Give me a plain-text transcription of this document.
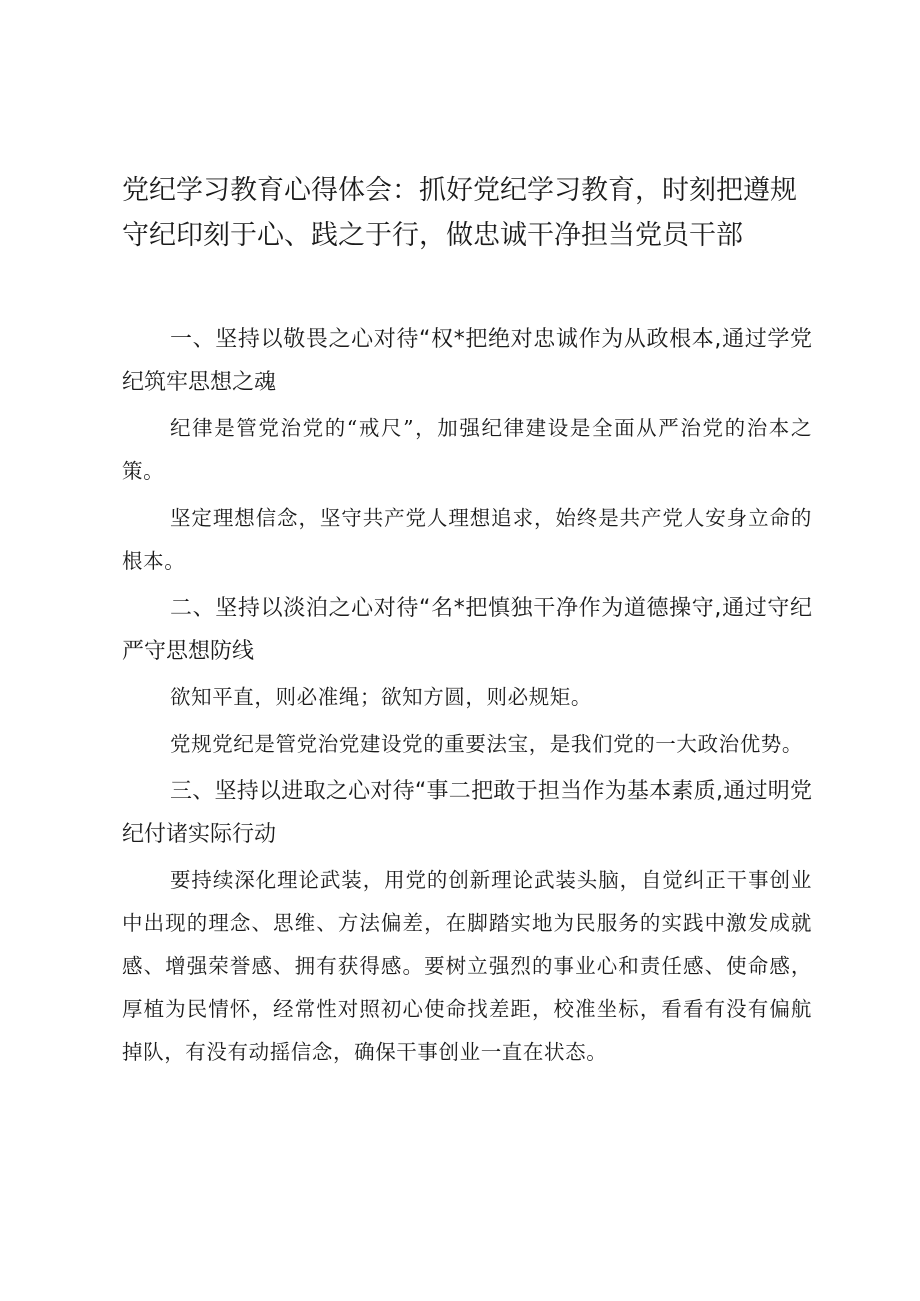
党纪学习教育心得体会：抓好党纪学习教育，时刻把遵规守纪印刻于心、践之于行，做忠诚干净担当党员干部

一、坚持以敬畏之心对待“权*把绝对忠诚作为从政根本,通过学党纪筑牢思想之魂

纪律是管党治党的“戒尺”，加强纪律建设是全面从严治党的治本之策。

坚定理想信念，坚守共产党人理想追求，始终是共产党人安身立命的根本。

二、坚持以淡泊之心对待“名*把慎独干净作为道德操守,通过守纪严守思想防线

欲知平直，则必准绳；欲知方圆，则必规矩。

党规党纪是管党治党建设党的重要法宝，是我们党的一大政治优势。

三、坚持以进取之心对待“事二把敢于担当作为基本素质,通过明党纪付诸实际行动

要持续深化理论武装，用党的创新理论武装头脑，自觉纠正干事创业中出现的理念、思维、方法偏差，在脚踏实地为民服务的实践中激发成就感、增强荣誉感、拥有获得感。要树立强烈的事业心和责任感、使命感，厚植为民情怀，经常性对照初心使命找差距，校准坐标，看看有没有偏航掉队，有没有动摇信念，确保干事创业一直在状态。
